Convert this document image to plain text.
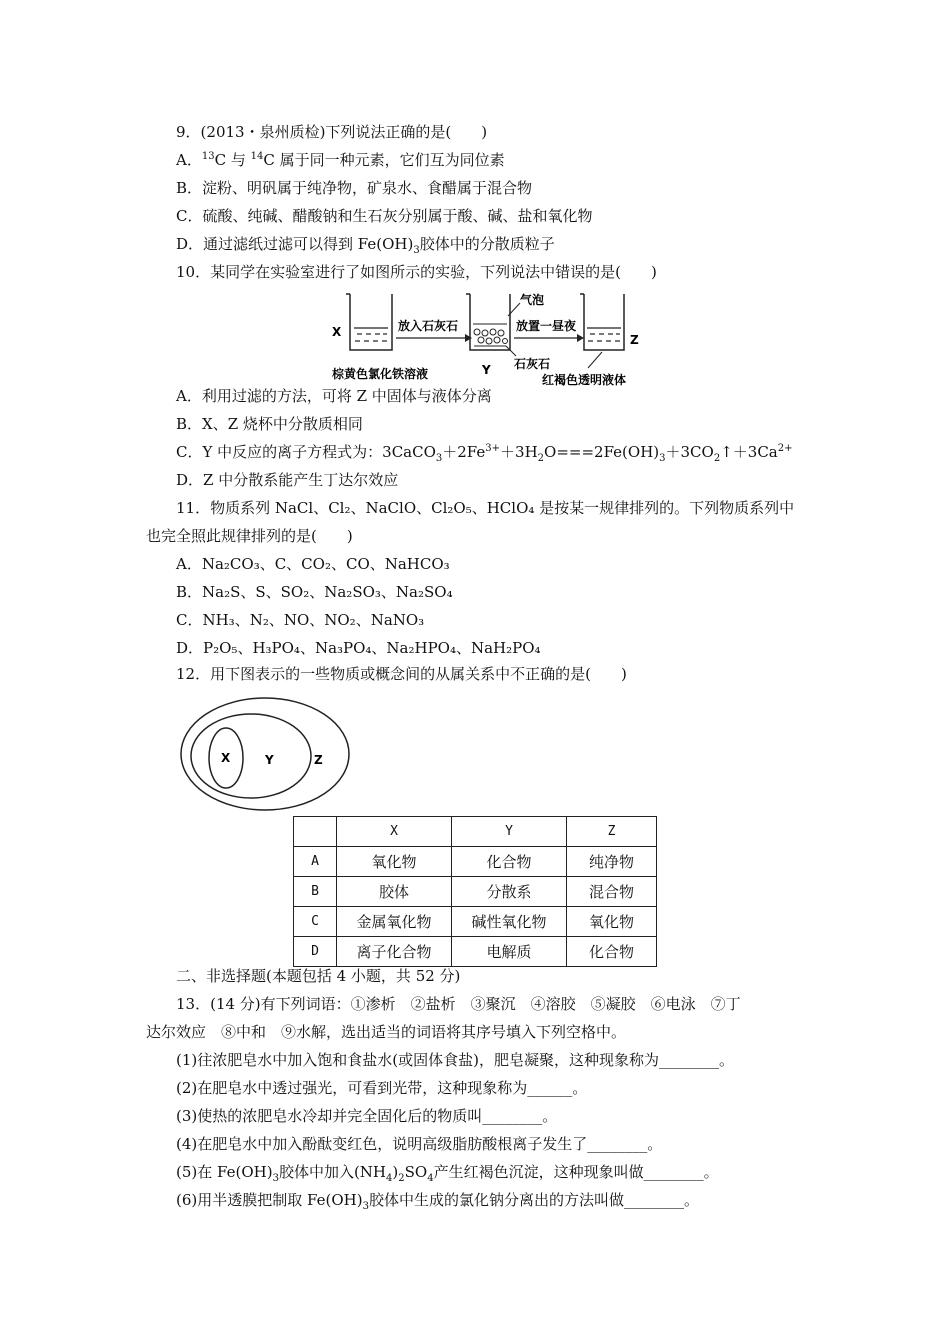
9．(2013・泉州质检)下列说法正确的是( )
A．$^{13}$C 与 $^{14}$C 属于同一种元素，它们互为同位素
B．淀粉、明矾属于纯净物，矿泉水、食醋属于混合物
C．硫酸、纯碱、醋酸钠和生石灰分别属于酸、碱、盐和氧化物
D．通过滤纸过滤可以得到 $Fe(OH)_3$胶体中的分散质粒子
10．某同学在实验室进行了如图所示的实验，下列说法中错误的是( )
X	放入石灰石
Y
气泡
石灰石
放置一昼夜
Z
棕黄色氯化铁溶液	红褐色透明液体
A．利用过滤的方法，可将 Z 中固体与液体分离
B．X、Z 烧杯中分散质相同
C．Y 中反应的离子方程式为：$3CaCO_3+2Fe^{3+}+3H_2O===2Fe(OH)_3+3CO_2↑+3Ca^{2+}$
D．Z 中分散系能产生丁达尔效应
11．物质系列 NaCl、Cl₂、NaClO、Cl₂O₅、HClO₄ 是按某一规律排列的。下列物质系列中
也完全照此规律排列的是(　　)
A．Na₂CO₃、C、CO₂、CO、NaHCO₃
B．Na₂S、S、SO₂、Na₂SO₃、Na₂SO₄
C．NH₃、N₂、NO、NO₂、NaNO₃
D．P₂O₅、H₃PO₄、Na₃PO₄、Na₂HPO₄、NaH₂PO₄
12．用下图表示的一些物质或概念间的从属关系中不正确的是(　　)
X	Y	Z
	X	Y	Z
A	氧化物	化合物	纯净物
B	胶体	分散系	混合物
C	金属氧化物	碱性氧化物	氧化物
D	离子化合物	电解质	化合物
二、非选择题(本题包括 4 小题，共 52 分)
13．(14 分)有下列词语：①渗析　②盐析　③聚沉　④溶胶　⑤凝胶　⑥电泳　⑦丁
达尔效应　⑧中和　⑨水解，选出适当的词语将其序号填入下列空格中。
(1)往浓肥皂水中加入饱和食盐水(或固体食盐)，肥皂凝聚，这种现象称为________。
(2)在肥皂水中透过强光，可看到光带，这种现象称为______。
(3)使热的浓肥皂水冷却并完全固化后的物质叫________。
(4)在肥皂水中加入酚酞变红色，说明高级脂肪酸根离子发生了________。
(5)在 $Fe(OH)_3$胶体中加入$(NH_4)_2SO_4$产生红褐色沉淀，这种现象叫做________。
(6)用半透膜把制取 $Fe(OH)_3$胶体中生成的氯化钠分离出的方法叫做________。
